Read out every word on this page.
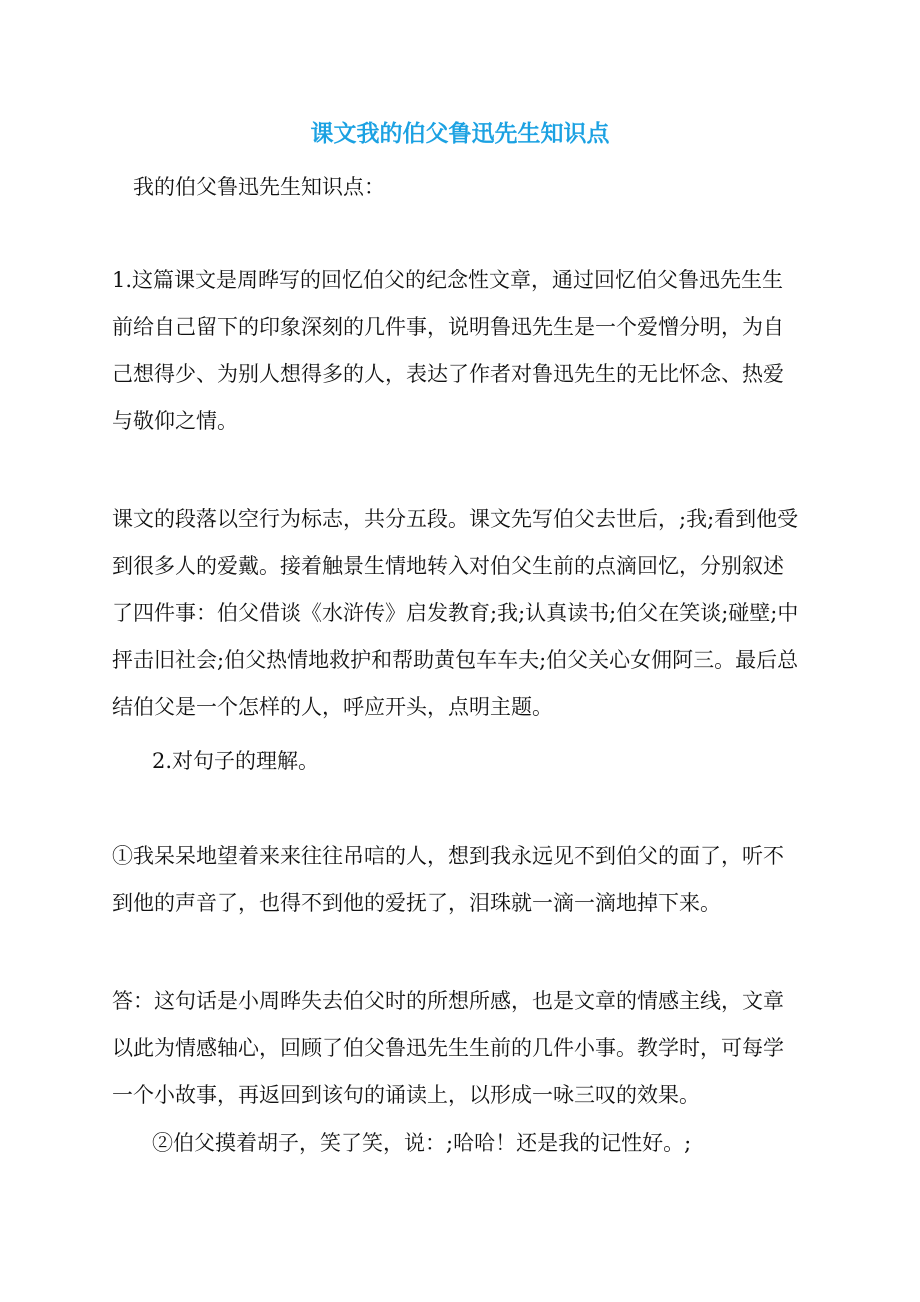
课文我的伯父鲁迅先生知识点

我的伯父鲁迅先生知识点：

1.这篇课文是周晔写的回忆伯父的纪念性文章，通过回忆伯父鲁迅先生生前给自己留下的印象深刻的几件事，说明鲁迅先生是一个爱憎分明，为自己想得少、为别人想得多的人，表达了作者对鲁迅先生的无比怀念、热爱与敬仰之情。

课文的段落以空行为标志，共分五段。课文先写伯父去世后，;我;看到他受到很多人的爱戴。接着触景生情地转入对伯父生前的点滴回忆，分别叙述了四件事：伯父借谈《水浒传》启发教育;我;认真读书;伯父在笑谈;碰壁;中抨击旧社会;伯父热情地救护和帮助黄包车车夫;伯父关心女佣阿三。最后总结伯父是一个怎样的人，呼应开头，点明主题。

2.对句子的理解。

①我呆呆地望着来来往往吊唁的人，想到我永远见不到伯父的面了，听不到他的声音了，也得不到他的爱抚了，泪珠就一滴一滴地掉下来。

答：这句话是小周晔失去伯父时的所想所感，也是文章的情感主线，文章以此为情感轴心，回顾了伯父鲁迅先生生前的几件小事。教学时，可每学一个小故事，再返回到该句的诵读上，以形成一咏三叹的效果。

②伯父摸着胡子，笑了笑，说：;哈哈！还是我的记性好。;
